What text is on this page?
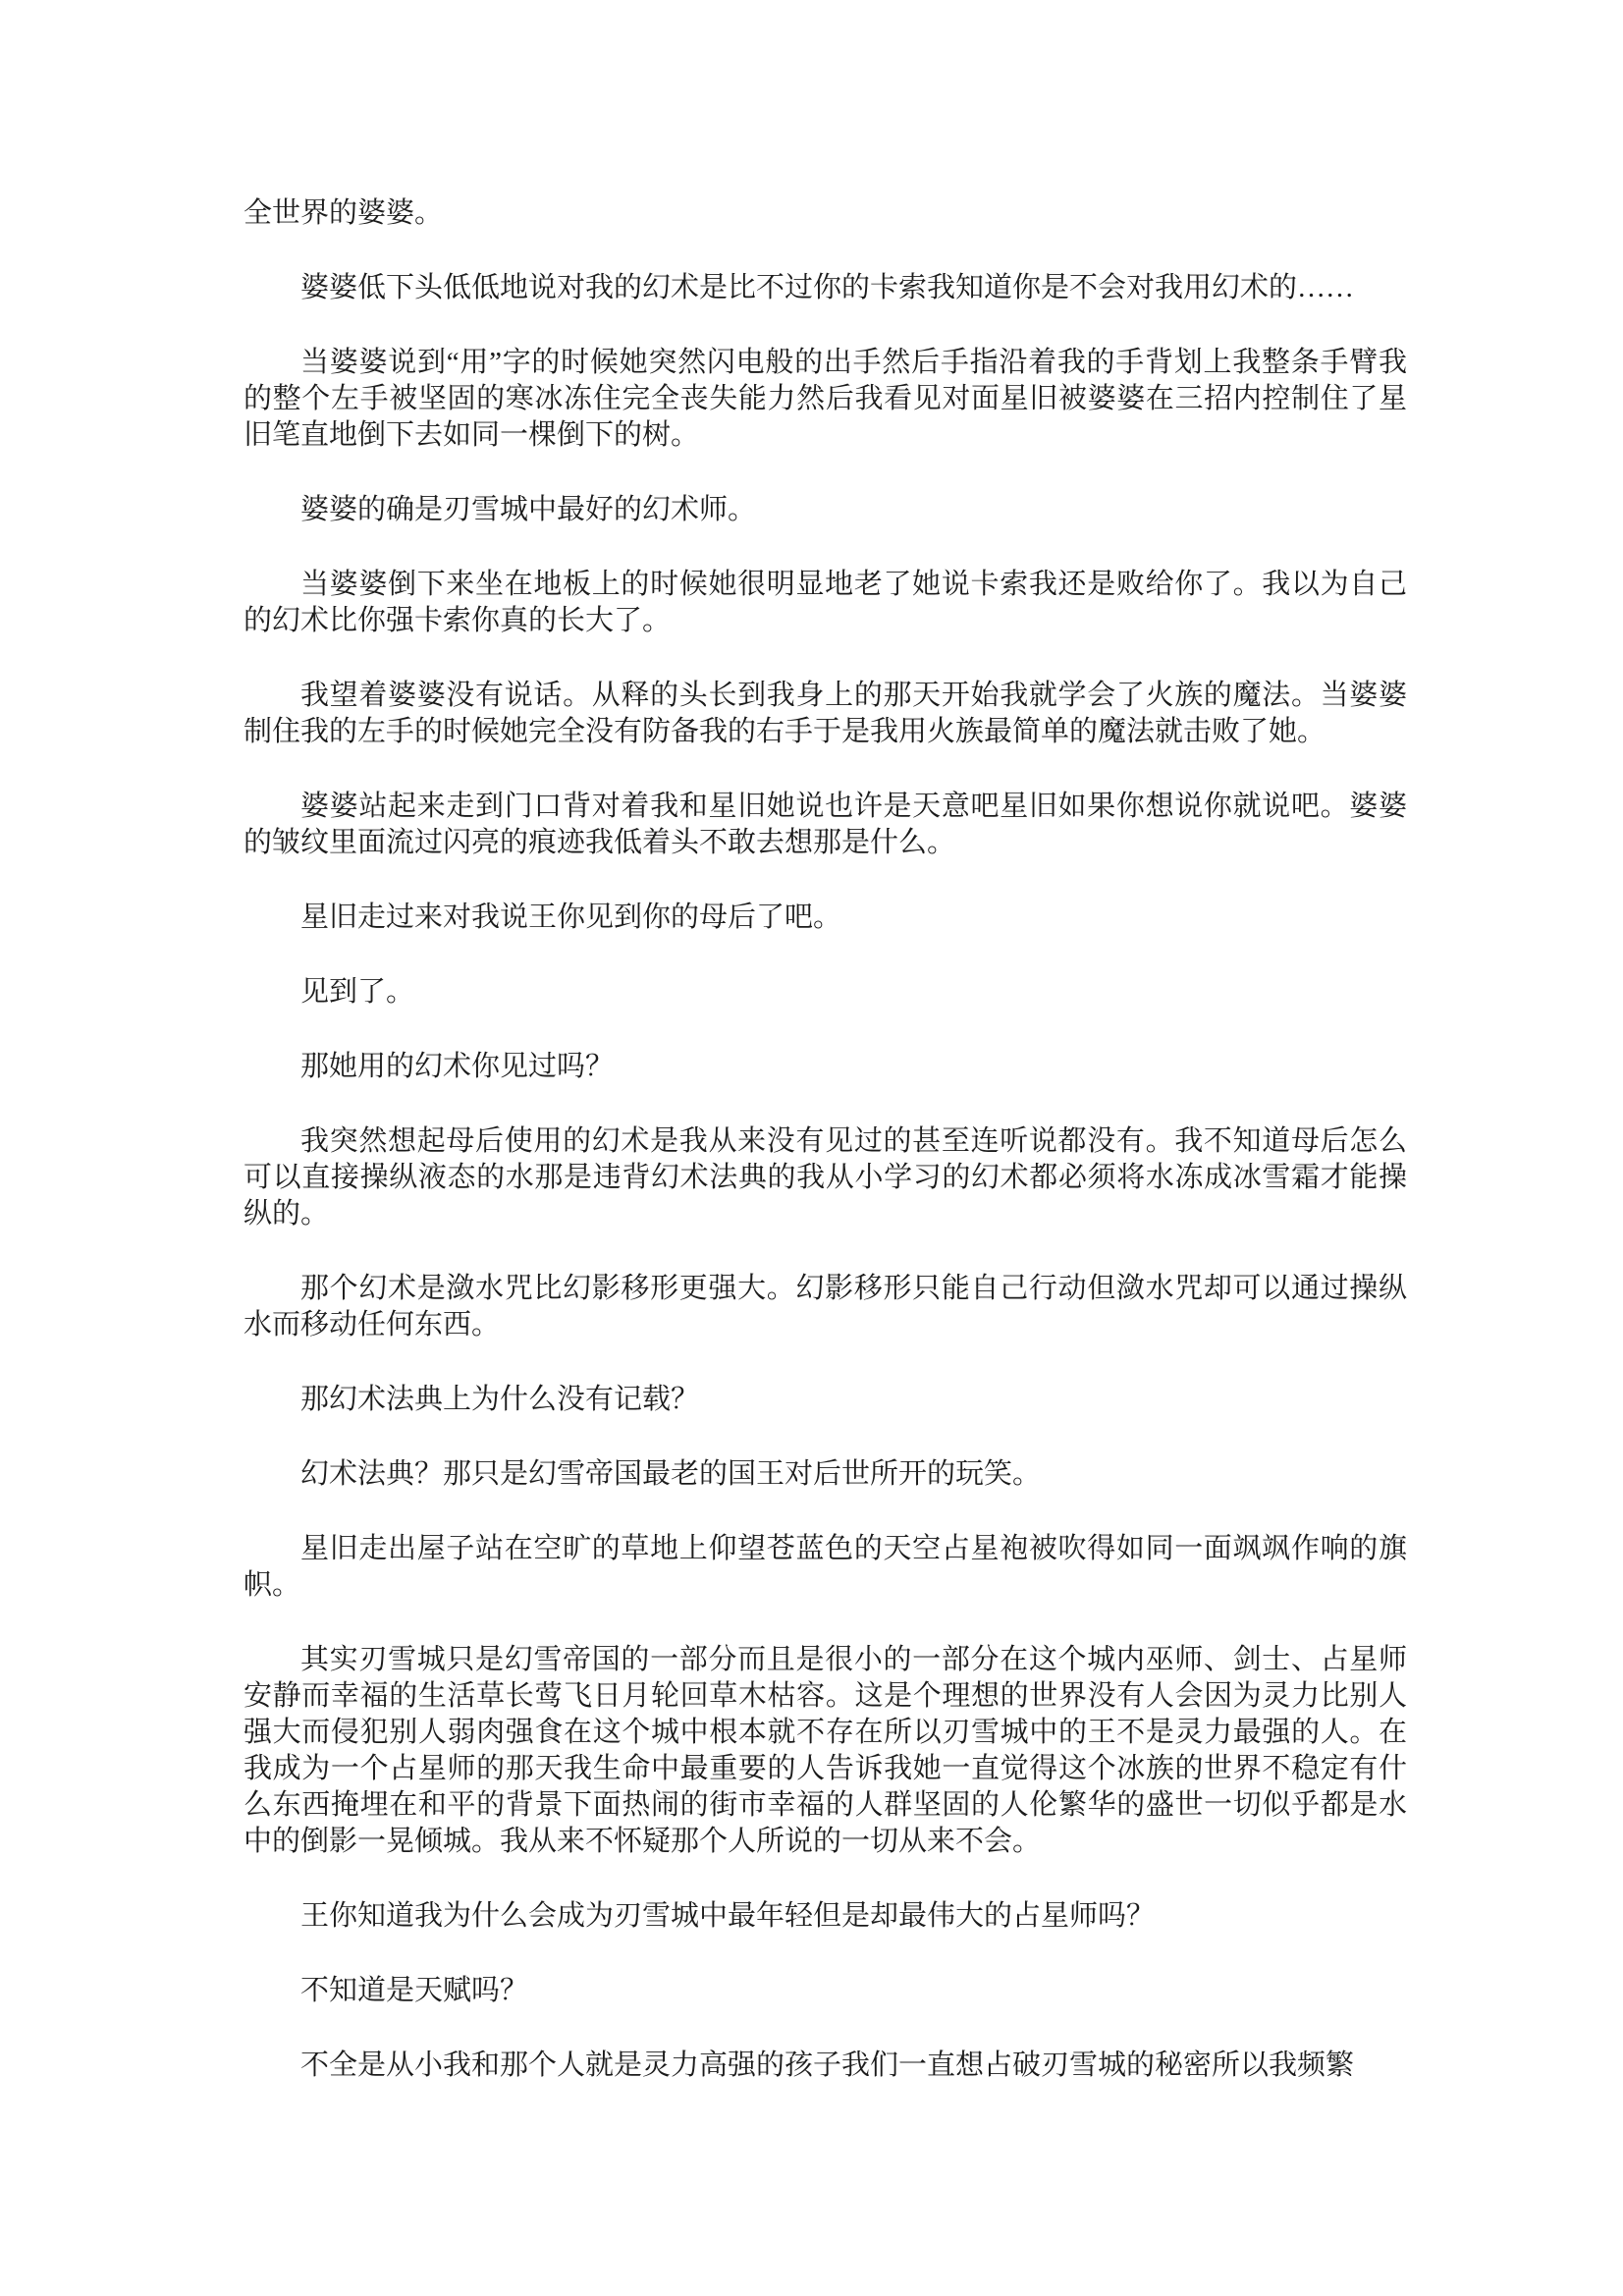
全世界的婆婆。

婆婆低下头低低地说对我的幻术是比不过你的卡索我知道你是不会对我用幻术的……

当婆婆说到“用”字的时候她突然闪电般的出手然后手指沿着我的手背划上我整条手臂我的整个左手被坚固的寒冰冻住完全丧失能力然后我看见对面星旧被婆婆在三招内控制住了星旧笔直地倒下去如同一棵倒下的树。

婆婆的确是刃雪城中最好的幻术师。

当婆婆倒下来坐在地板上的时候她很明显地老了她说卡索我还是败给你了。我以为自己的幻术比你强卡索你真的长大了。

我望着婆婆没有说话。从释的头长到我身上的那天开始我就学会了火族的魔法。当婆婆制住我的左手的时候她完全没有防备我的右手于是我用火族最简单的魔法就击败了她。

婆婆站起来走到门口背对着我和星旧她说也许是天意吧星旧如果你想说你就说吧。婆婆的皱纹里面流过闪亮的痕迹我低着头不敢去想那是什么。

星旧走过来对我说王你见到你的母后了吧。

见到了。

那她用的幻术你见过吗？

我突然想起母后使用的幻术是我从来没有见过的甚至连听说都没有。我不知道母后怎么可以直接操纵液态的水那是违背幻术法典的我从小学习的幻术都必须将水冻成冰雪霜才能操纵的。

那个幻术是潋水咒比幻影移形更强大。幻影移形只能自己行动但潋水咒却可以通过操纵水而移动任何东西。

那幻术法典上为什么没有记载？

幻术法典？那只是幻雪帝国最老的国王对后世所开的玩笑。

星旧走出屋子站在空旷的草地上仰望苍蓝色的天空占星袍被吹得如同一面飒飒作响的旗帜。

其实刃雪城只是幻雪帝国的一部分而且是很小的一部分在这个城内巫师、剑士、占星师安静而幸福的生活草长莺飞日月轮回草木枯容。这是个理想的世界没有人会因为灵力比别人强大而侵犯别人弱肉强食在这个城中根本就不存在所以刃雪城中的王不是灵力最强的人。在我成为一个占星师的那天我生命中最重要的人告诉我她一直觉得这个冰族的世界不稳定有什么东西掩埋在和平的背景下面热闹的街市幸福的人群坚固的人伦繁华的盛世一切似乎都是水中的倒影一晃倾城。我从来不怀疑那个人所说的一切从来不会。

王你知道我为什么会成为刃雪城中最年轻但是却最伟大的占星师吗？

不知道是天赋吗？

不全是从小我和那个人就是灵力高强的孩子我们一直想占破刃雪城的秘密所以我频繁
